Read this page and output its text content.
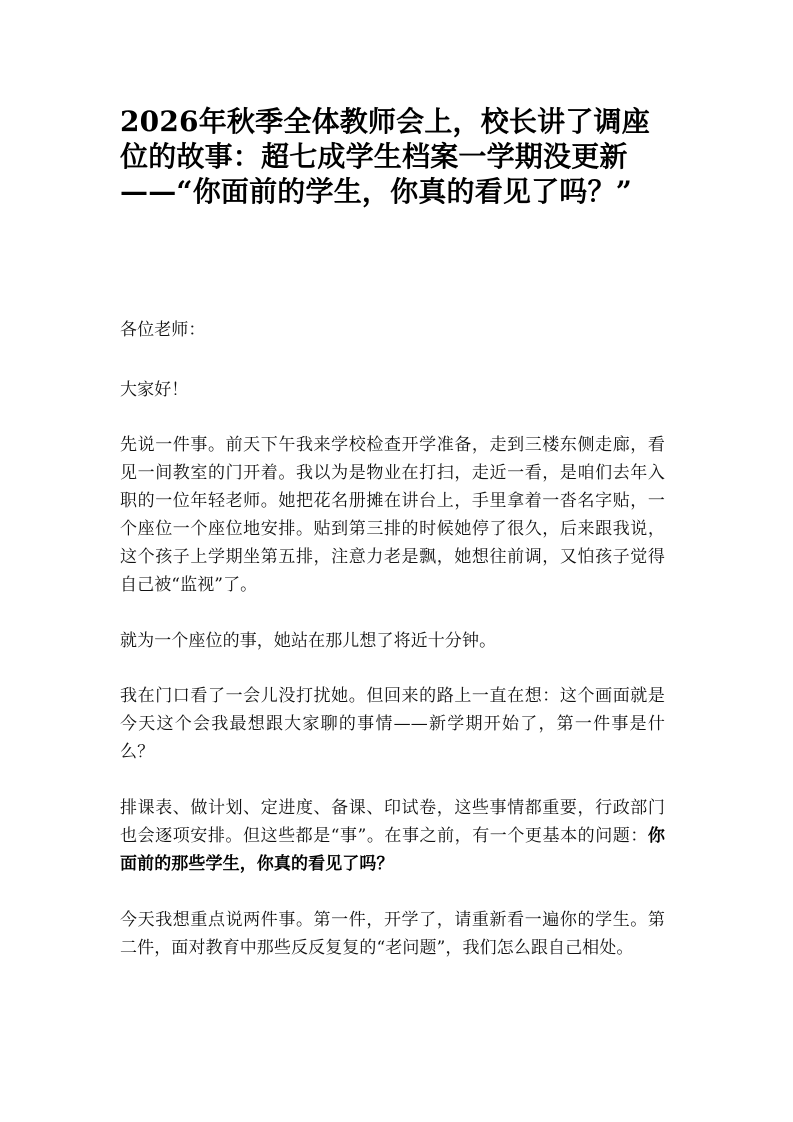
2026年秋季全体教师会上，校长讲了调座位的故事：超七成学生档案一学期没更新——“你面前的学生，你真的看见了吗？”

各位老师：

大家好！

先说一件事。前天下午我来学校检查开学准备，走到三楼东侧走廊，看见一间教室的门开着。我以为是物业在打扫，走近一看，是咱们去年入职的一位年轻老师。她把花名册摊在讲台上，手里拿着一沓名字贴，一个座位一个座位地安排。贴到第三排的时候她停了很久，后来跟我说，这个孩子上学期坐第五排，注意力老是飘，她想往前调，又怕孩子觉得自己被“监视”了。

就为一个座位的事，她站在那儿想了将近十分钟。

我在门口看了一会儿没打扰她。但回来的路上一直在想：这个画面就是今天这个会我最想跟大家聊的事情——新学期开始了，第一件事是什么？

排课表、做计划、定进度、备课、印试卷，这些事情都重要，行政部门也会逐项安排。但这些都是“事”。在事之前，有一个更基本的问题：你面前的那些学生，你真的看见了吗？

今天我想重点说两件事。第一件，开学了，请重新看一遍你的学生。第二件，面对教育中那些反反复复的“老问题”，我们怎么跟自己相处。
